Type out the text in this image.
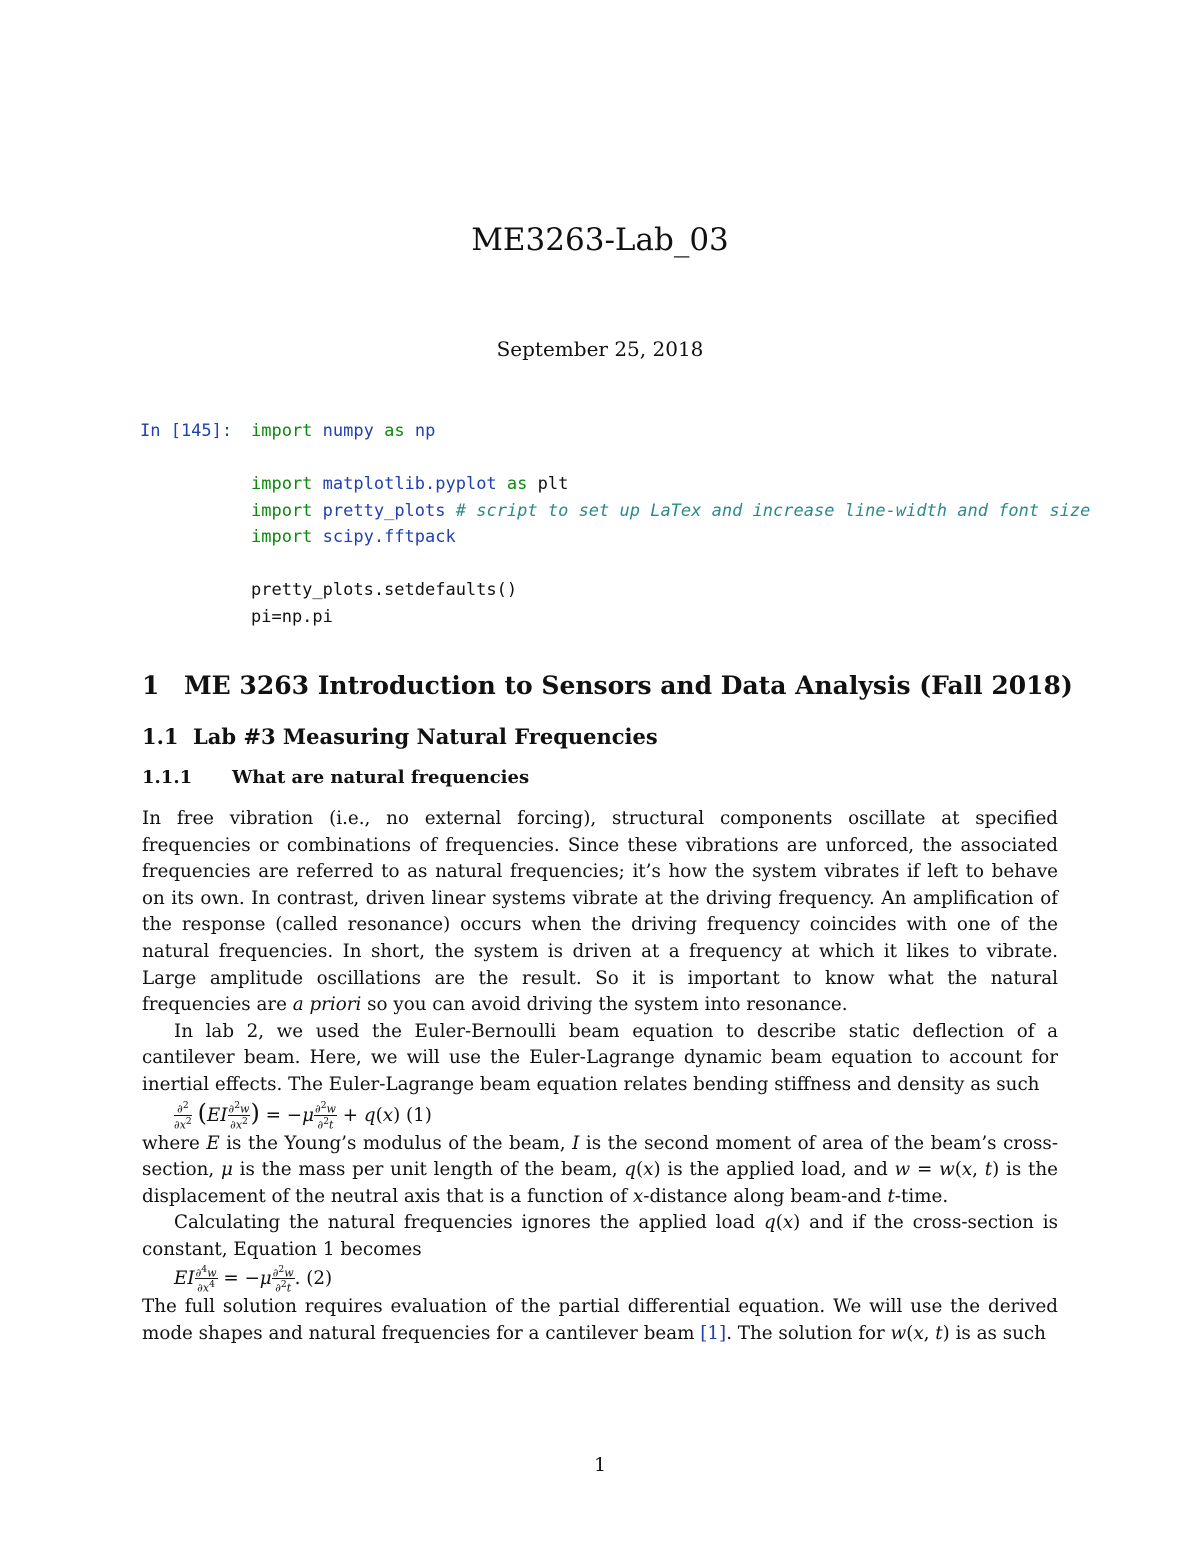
ME3263-Lab_03
September 25, 2018
In [145]: import numpy as np

import matplotlib.pyplot as plt
import pretty_plots # script to set up LaTex and increase line-width and font size
import scipy.fftpack

pretty_plots.setdefaults()
pi=np.pi
1 ME 3263 Introduction to Sensors and Data Analysis (Fall 2018)
1.1 Lab #3 Measuring Natural Frequencies
1.1.1 What are natural frequencies

In free vibration (i.e., no external forcing), structural components oscillate at specified frequencies or combinations of frequencies. Since these vibrations are unforced, the associated frequencies are referred to as natural frequencies; it’s how the system vibrates if left to behave on its own. In contrast, driven linear systems vibrate at the driving frequency. An amplification of the response (called resonance) occurs when the driving frequency coincides with one of the natural frequencies. In short, the system is driven at a frequency at which it likes to vibrate. Large amplitude oscillations are the result. So it is important to know what the natural frequencies are a priori so you can avoid driving the system into resonance.

In lab 2, we used the Euler-Bernoulli beam equation to describe static deflection of a cantilever beam. Here, we will use the Euler-Lagrange dynamic beam equation to account for inertial effects. The Euler-Lagrange beam equation relates bending stiffness and density as such

$\frac{\partial^2}{\partial x^2} (EI \frac{\partial^2w}{\partial x^2}$ ) = $-\mu \frac{\partial^2w}{\partial^2t} + q(x)$ (1)

where E is the Young’s modulus of the beam, I is the second moment of area of the beam’s cross-section, μ is the mass per unit length of the beam, q(x) is the applied load, and w = w(x, t) is the displacement of the neutral axis that is a function of x-distance along beam-and t-time.

Calculating the natural frequencies ignores the applied load q(x) and if the cross-section is constant, Equation 1 becomes

EI $\frac{\partial^4w}{\partial x^4} = -\mu \frac{\partial^2w}{\partial^2t}$ . (2)

The full solution requires evaluation of the partial differential equation. We will use the derived mode shapes and natural frequencies for a cantilever beam [1]. The solution for w(x, t) is as such

1
